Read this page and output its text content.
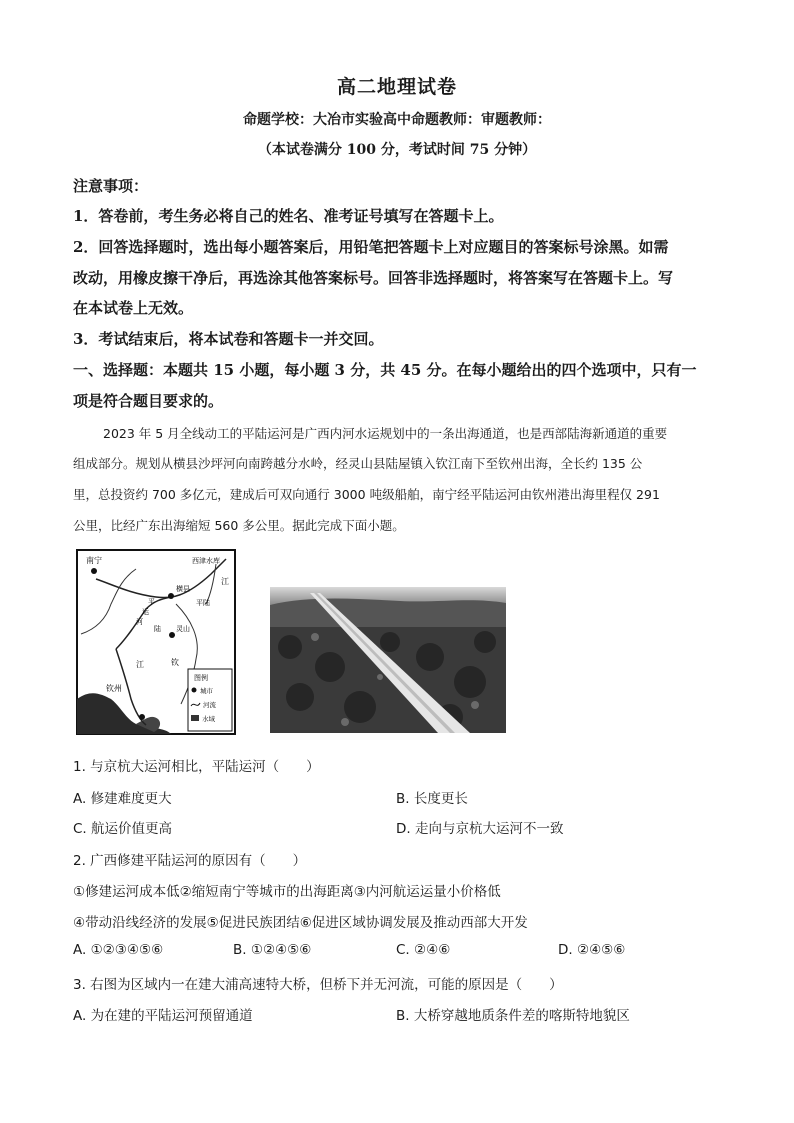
高二地理试卷
命题学校：大冶市实验高中命题教师：审题教师：
（本试卷满分 100 分，考试时间 75 分钟）
注意事项：
1．答卷前，考生务必将自己的姓名、准考证号填写在答题卡上。
2．回答选择题时，选出每小题答案后，用铅笔把答题卡上对应题目的答案标号涂黑。如需
改动，用橡皮擦干净后，再选涂其他答案标号。回答非选择题时，将答案写在答题卡上。写
在本试卷上无效。
3．考试结束后，将本试卷和答题卡一并交回。
一、选择题：本题共 15 小题，每小题 3 分，共 45 分。在每小题给出的四个选项中，只有一
项是符合题目要求的。
2023 年 5 月全线动工的平陆运河是广西内河水运规划中的一条出海通道，也是西部陆海新通道的重要
组成部分。规划从横县沙坪河向南跨越分水岭，经灵山县陆屋镇入钦江南下至钦州出海，全长约 135 公
里，总投资约 700 多亿元，建成后可双向通行 3000 吨级船舶，南宁经平陆运河由钦州港出海里程仅 291
公里，比经广东出海缩短 560 多公里。据此完成下面小题。
南宁	西津水库
横县
江
平陆
平
运
河
陆 灵山
江	钦
钦州
图例
城市
河流
水域
1. 与京杭大运河相比，平陆运河（　　）
A. 修建难度更大	B. 长度更长
C. 航运价值更高	D. 走向与京杭大运河不一致
2. 广西修建平陆运河的原因有（　　）
①修建运河成本低②缩短南宁等城市的出海距离③内河航运运量小价格低
④带动沿线经济的发展⑤促进民族团结⑥促进区域协调发展及推动西部大开发
A. ①②③④⑤⑥	B. ①②④⑤⑥	C. ②④⑥	D. ②④⑤⑥
3. 右图为区域内一在建大浦高速特大桥，但桥下并无河流，可能的原因是（　　）
A. 为在建的平陆运河预留通道	B. 大桥穿越地质条件差的喀斯特地貌区
